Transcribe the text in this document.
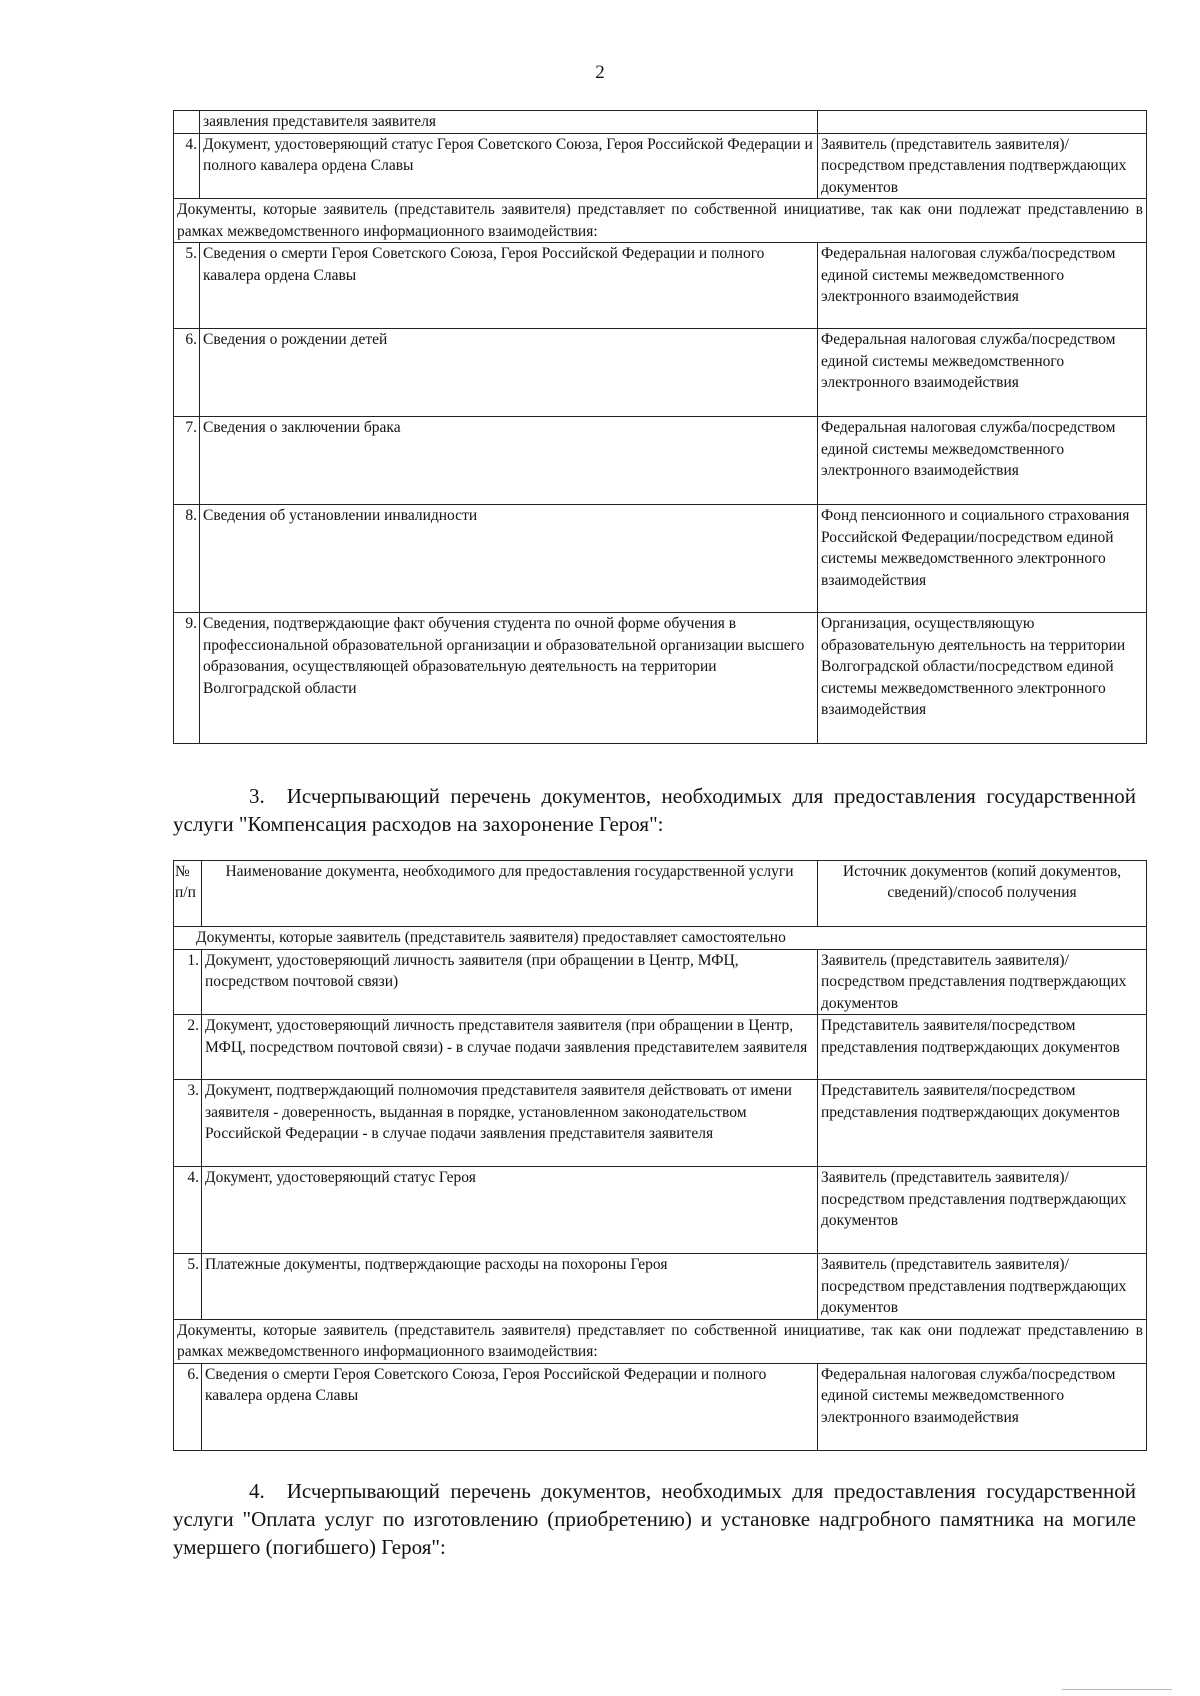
2
	заявления представителя заявителя	
4.	Документ, удостоверяющий статус Героя Советского Союза, Героя Российской Федерации и полного кавалера ордена Славы	Заявитель (представитель заявителя)/посредством представления подтверждающих документов
Документы, которые заявитель (представитель заявителя) представляет по собственной инициативе, так как они подлежат представлению в рамках межведомственного информационного взаимодействия:		
5.	Сведения о смерти Героя Советского Союза, Героя Российской Федерации и полного кавалера ордена Славы	Федеральная налоговая служба/посредством единой системы межведомственного электронного взаимодействия
6.	Сведения о рождении детей	Федеральная налоговая служба/посредством единой системы межведомственного электронного взаимодействия
7.	Сведения о заключении брака	Федеральная налоговая служба/посредством единой системы межведомственного электронного взаимодействия
8.	Сведения об установлении инвалидности	Фонд пенсионного и социального страхования Российской Федерации/посредством единой системы межведомственного электронного взаимодействия
9.	Сведения, подтверждающие факт обучения студента по очной форме обучения в профессиональной образовательной организации и образовательной организации высшего образования, осуществляющей образовательную деятельность на территории Волгоградской области	Организация, осуществляющую образовательную деятельность на территории Волгоградской области/посредством единой системы межведомственного электронного взаимодействия

3. Исчерпывающий перечень документов, необходимых для предоставления государственной услуги "Компенсация расходов на захоронение Героя":

№ п/п	Наименование документа, необходимого для предоставления государственной услуги	Источник документов (копий документов, сведений)/способ получения
Документы, которые заявитель (представитель заявителя) предоставляет самостоятельно		
1.	Документ, удостоверяющий личность заявителя (при обращении в Центр, МФЦ, посредством почтовой связи)	Заявитель (представитель заявителя)/посредством представления подтверждающих документов
2.	Документ, удостоверяющий личность представителя заявителя (при обращении в Центр, МФЦ, посредством почтовой связи) - в случае подачи заявления представителем заявителя	Представитель заявителя/посредством представления подтверждающих документов
3.	Документ, подтверждающий полномочия представителя заявителя действовать от имени заявителя - доверенность, выданная в порядке, установленном законодательством Российской Федерации - в случае подачи заявления представителя заявителя	Представитель заявителя/посредством представления подтверждающих документов
4.	Документ, удостоверяющий статус Героя	Заявитель (представитель заявителя)/посредством представления подтверждающих документов
5.	Платежные документы, подтверждающие расходы на похороны Героя	Заявитель (представитель заявителя)/посредством представления подтверждающих документов
Документы, которые заявитель (представитель заявителя) представляет по собственной инициативе, так как они подлежат представлению в рамках межведомственного информационного взаимодействия:		
6.	Сведения о смерти Героя Советского Союза, Героя Российской Федерации и полного кавалера ордена Славы	Федеральная налоговая служба/посредством единой системы межведомственного электронного взаимодействия

4. Исчерпывающий перечень документов, необходимых для предоставления государственной услуги "Оплата услуг по изготовлению (приобретению) и установке надгробного памятника на могиле умершего (погибшего) Героя":
